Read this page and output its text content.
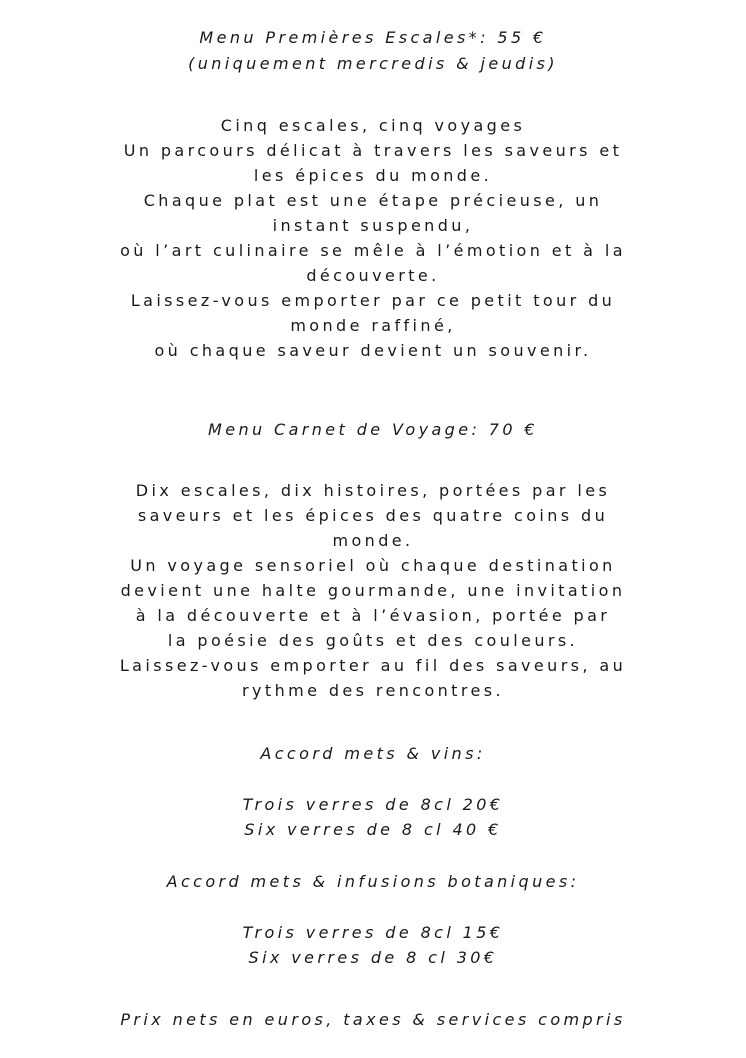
Menu Premières Escales*: 55 €
(uniquement mercredis & jeudis)
Cinq escales, cinq voyages
Un parcours délicat à travers les saveurs et
les épices du monde.
Chaque plat est une étape précieuse, un
instant suspendu,
où l’art culinaire se mêle à l’émotion et à la
découverte.
Laissez-vous emporter par ce petit tour du
monde raffiné,
où chaque saveur devient un souvenir.
Menu Carnet de Voyage: 70 €
Dix escales, dix histoires, portées par les
saveurs et les épices des quatre coins du
monde.
Un voyage sensoriel où chaque destination
devient une halte gourmande, une invitation
à la découverte et à l’évasion, portée par
la poésie des goûts et des couleurs.
Laissez-vous emporter au fil des saveurs, au
rythme des rencontres.
Accord mets & vins:
Trois verres de 8cl 20€
Six verres de 8 cl 40 €
Accord mets & infusions botaniques:
Trois verres de 8cl 15€
Six verres de 8 cl 30€
Prix nets en euros, taxes & services compris
